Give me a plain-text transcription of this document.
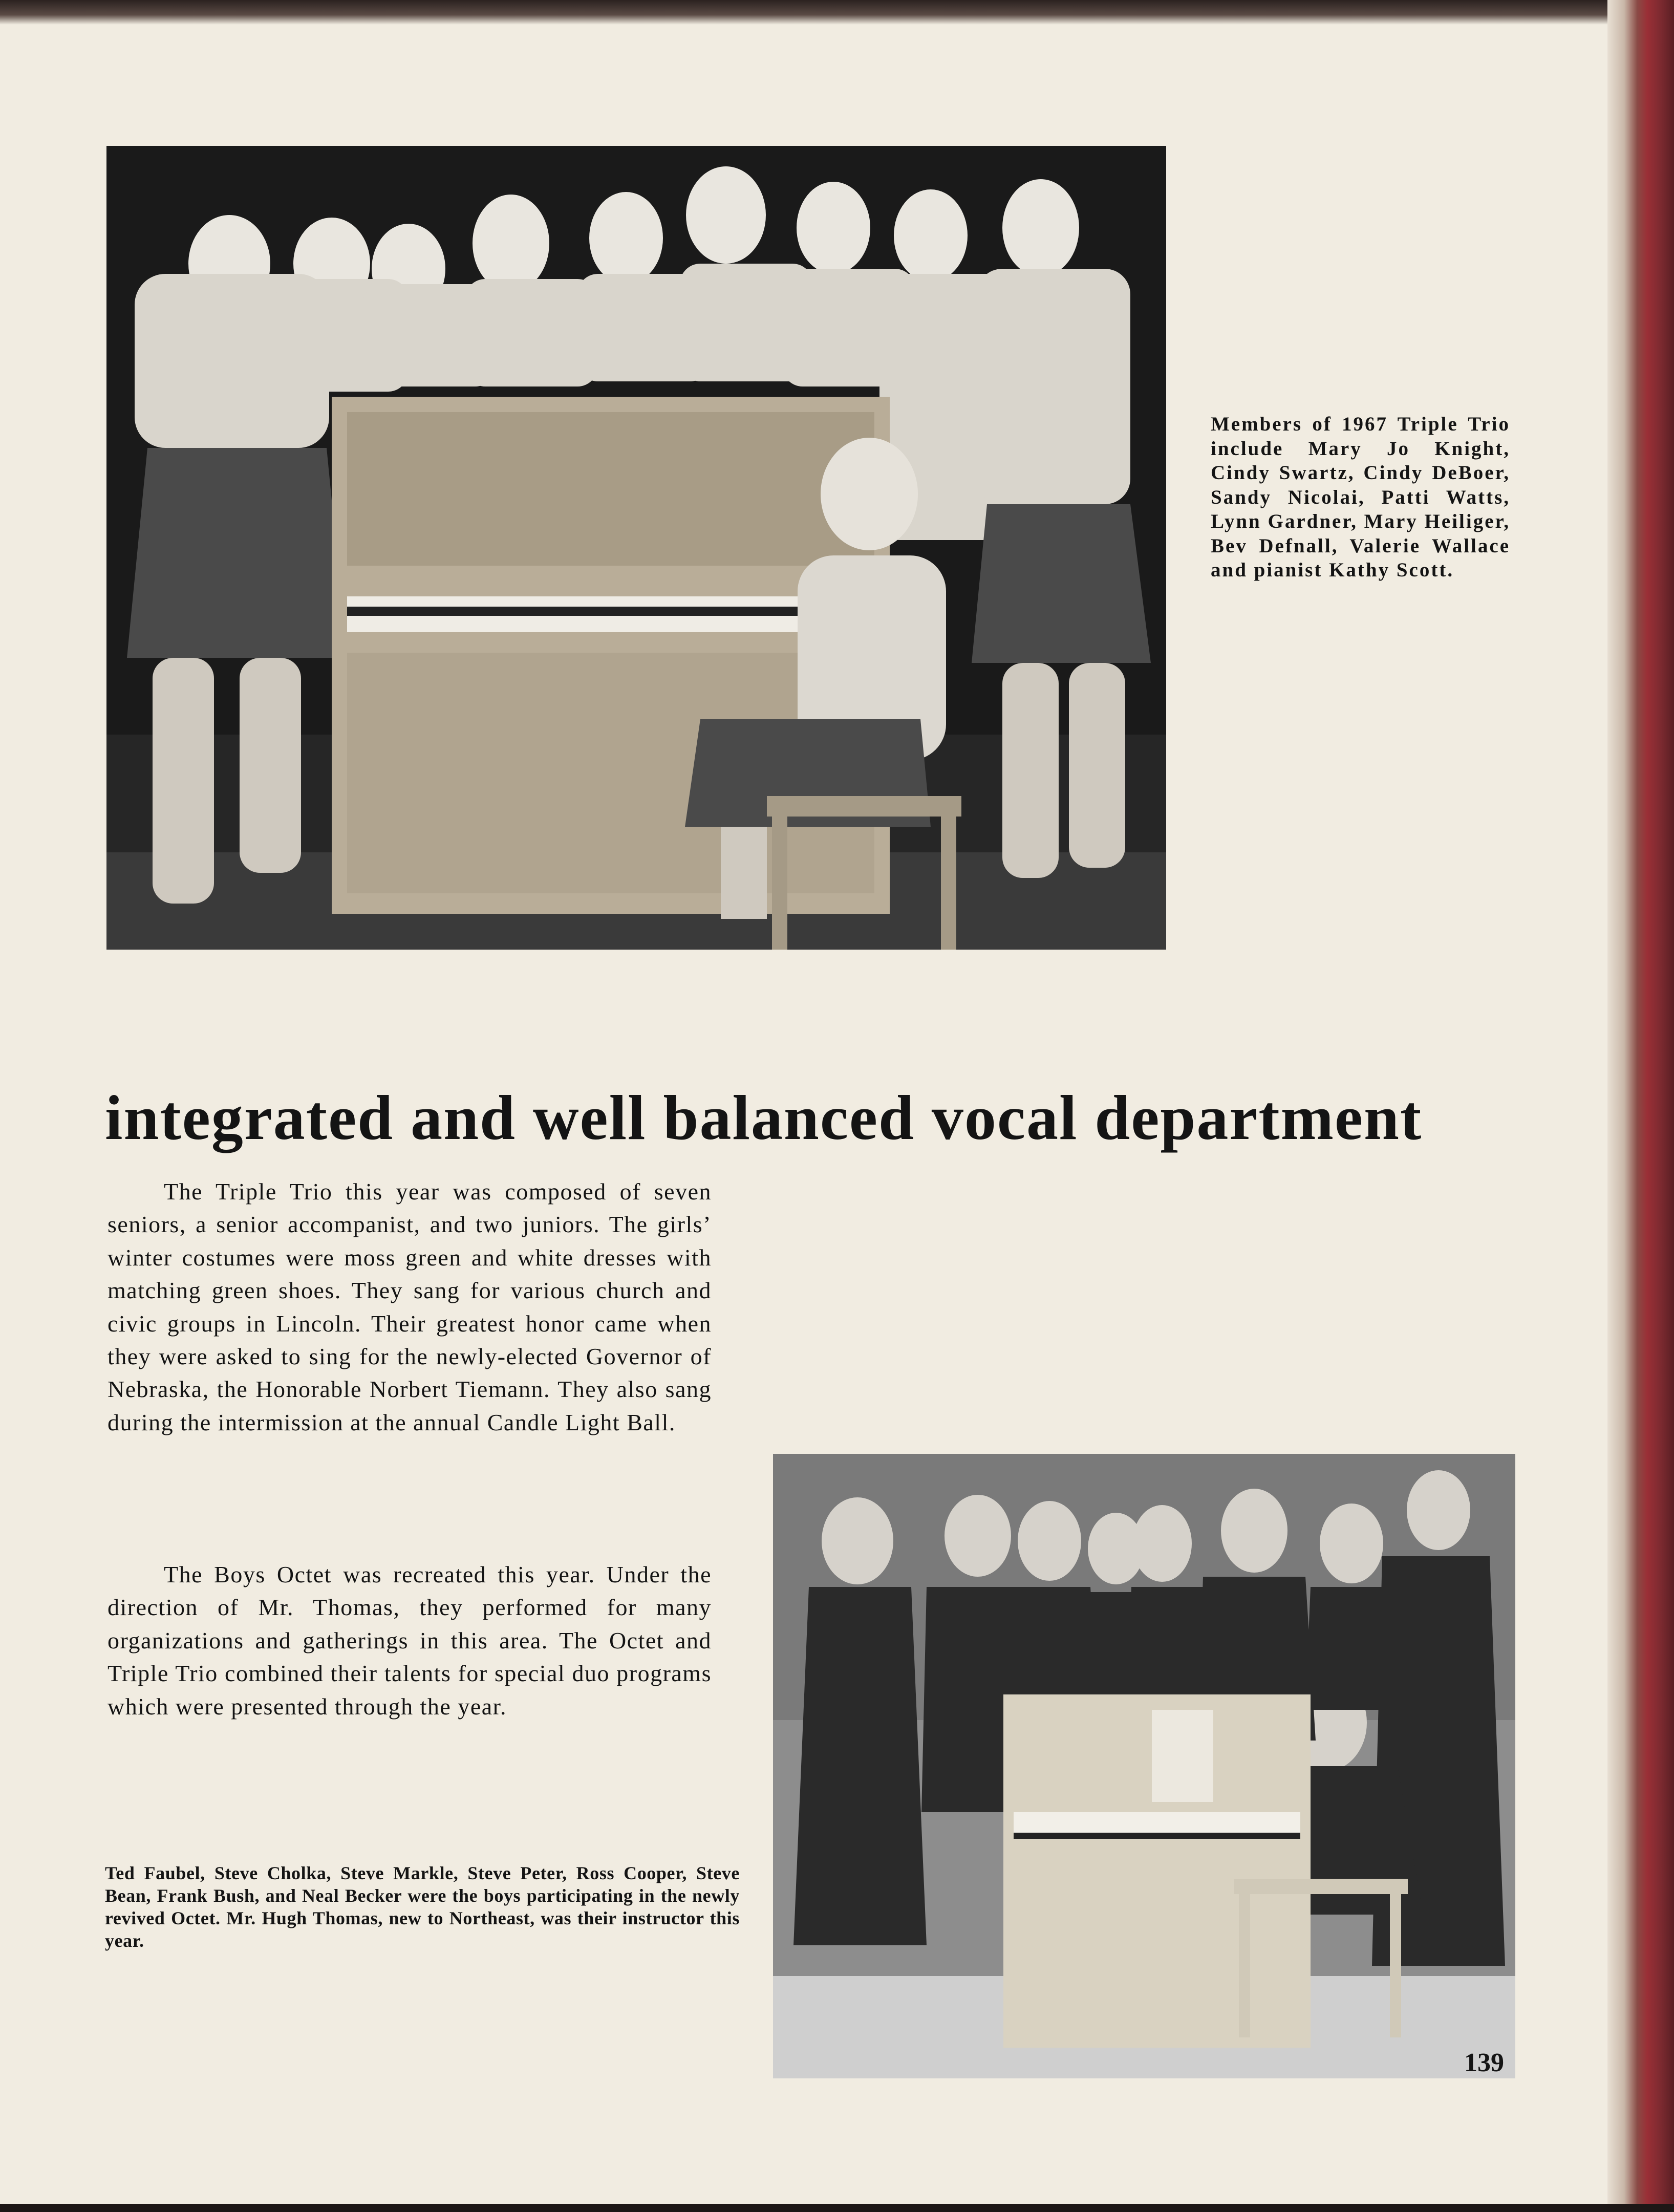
Members of 1967 Triple Trio include Mary Jo Knight, Cindy Swartz, Cindy DeBoer, Sandy Nicolai, Patti Watts, Lynn Gardner, Mary Heiliger, Bev Defnall, Valerie Wallace and pianist Kathy Scott.
integrated and well balanced vocal department

The Triple Trio this year was composed of seven seniors, a senior accompanist, and two juniors. The girls’ winter costumes were moss green and white dresses with matching green shoes. They sang for various church and civic groups in Lincoln. Their greatest honor came when they were asked to sing for the newly-elected Governor of Nebraska, the Honorable Norbert Tiemann. They also sang during the intermission at the annual Candle Light Ball.

The Boys Octet was recreated this year. Under the direction of Mr. Thomas, they performed for many organizations and gatherings in this area. The Octet and Triple Trio combined their talents for special duo programs which were presented through the year.

Ted Faubel, Steve Cholka, Steve Markle, Steve Peter, Ross Cooper, Steve Bean, Frank Bush, and Neal Becker were the boys participating in the newly revived Octet. Mr. Hugh Thomas, new to Northeast, was their instructor this year.
139
